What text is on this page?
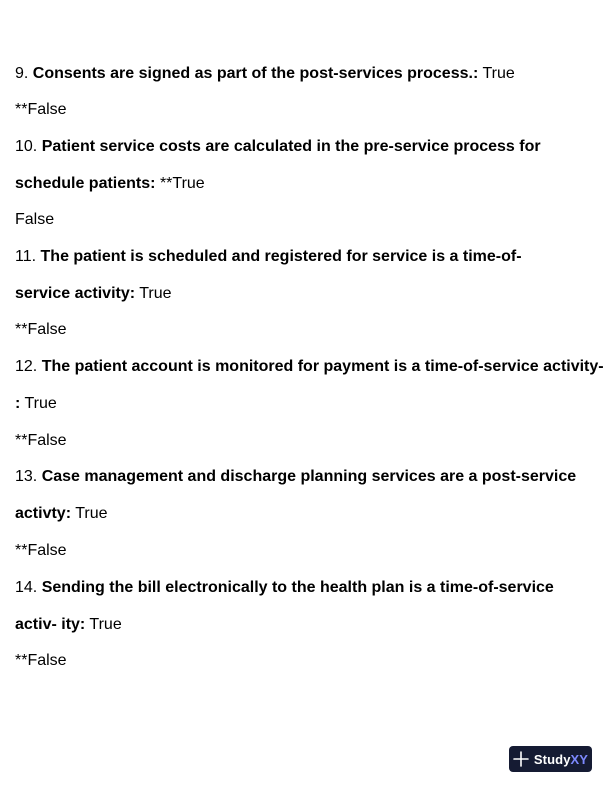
9. Consents are signed as part of the post-services process.: True
**False
10. Patient service costs are calculated in the pre-service process for
schedule patients: **True
False
11. The patient is scheduled and registered for service is a time-of-
service activity: True
**False
12. The patient account is monitored for payment is a time-of-service activity-
: True
**False
13. Case management and discharge planning services are a post-service
activty: True
**False
14. Sending the bill electronically to the health plan is a time-of-service
activ- ity: True
**False
StudyXY
